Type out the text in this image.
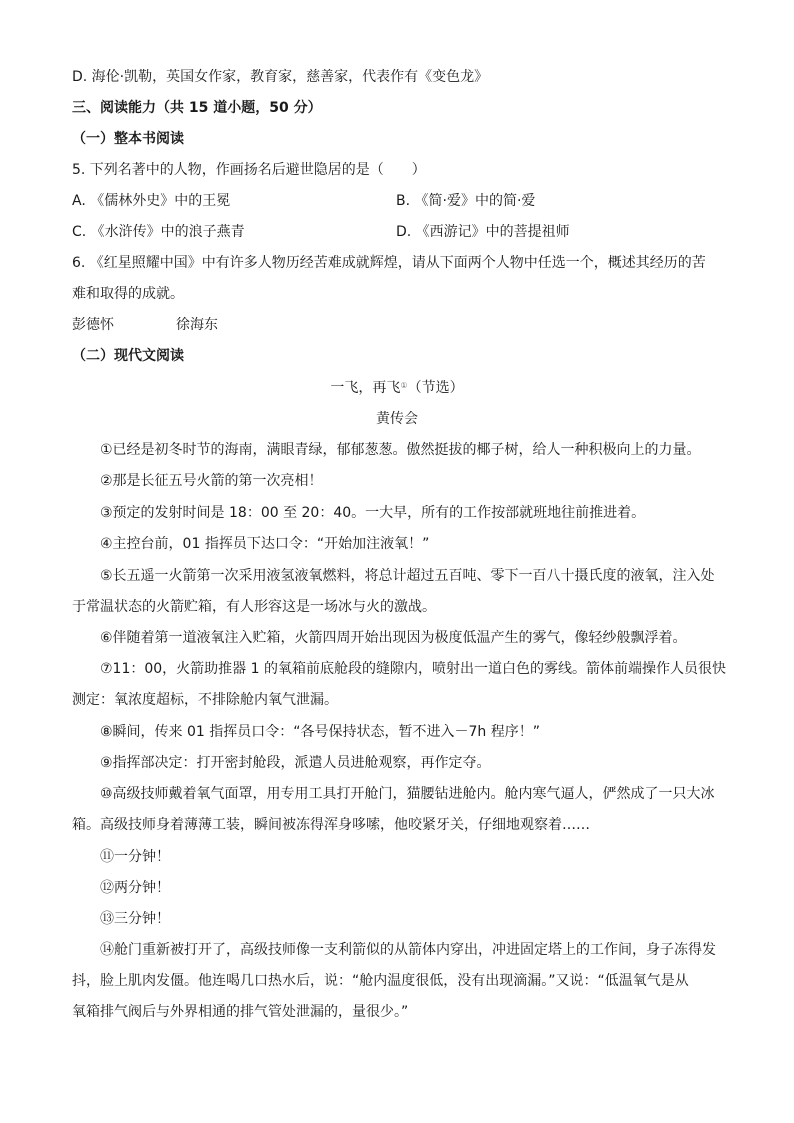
D. 海伦·凯勒，英国女作家，教育家，慈善家，代表作有《变色龙》
三、阅读能力（共 15 道小题，50 分）
（一）整本书阅读
5. 下列名著中的人物，作画扬名后避世隐居的是（　　）
A. 《儒林外史》中的王冕	B. 《简·爱》中的简·爱
C. 《水浒传》中的浪子燕青	D. 《西游记》中的菩提祖师
6. 《红星照耀中国》中有许多人物历经苦难成就辉煌，请从下面两个人物中任选一个，概述其经历的苦
难和取得的成就。
彭德怀	徐海东
（二）现代文阅读
一飞，再飞①（节选）
黄传会
①已经是初冬时节的海南，满眼青绿，郁郁葱葱。傲然挺拔的椰子树，给人一种积极向上的力量。
②那是长征五号火箭的第一次亮相！
③预定的发射时间是 18：00 至 20：40。一大早，所有的工作按部就班地往前推进着。
④主控台前，01 指挥员下达口令：“开始加注液氧！”
⑤长五遥一火箭第一次采用液氢液氧燃料，将总计超过五百吨、零下一百八十摄氏度的液氧，注入处
于常温状态的火箭贮箱，有人形容这是一场冰与火的激战。
⑥伴随着第一道液氧注入贮箱，火箭四周开始出现因为极度低温产生的雾气，像轻纱般飘浮着。
⑦11：00，火箭助推器 1 的氧箱前底舱段的缝隙内，喷射出一道白色的雾线。箭体前端操作人员很快
测定：氧浓度超标，不排除舱内氧气泄漏。
⑧瞬间，传来 01 指挥员口令：“各号保持状态，暂不进入－7h 程序！”
⑨指挥部决定：打开密封舱段，派遣人员进舱观察，再作定夺。
⑩高级技师戴着氧气面罩，用专用工具打开舱门，猫腰钻进舱内。舱内寒气逼人，俨然成了一只大冰
箱。高级技师身着薄薄工装，瞬间被冻得浑身哆嗦，他咬紧牙关，仔细地观察着……
⑪一分钟！
⑫两分钟！
⑬三分钟！
⑭舱门重新被打开了，高级技师像一支利箭似的从箭体内穿出，冲进固定塔上的工作间，身子冻得发
抖，脸上肌肉发僵。他连喝几口热水后，说：“舱内温度很低，没有出现滴漏。”又说：“低温氧气是从
氧箱排气阀后与外界相通的排气管处泄漏的，量很少。”
